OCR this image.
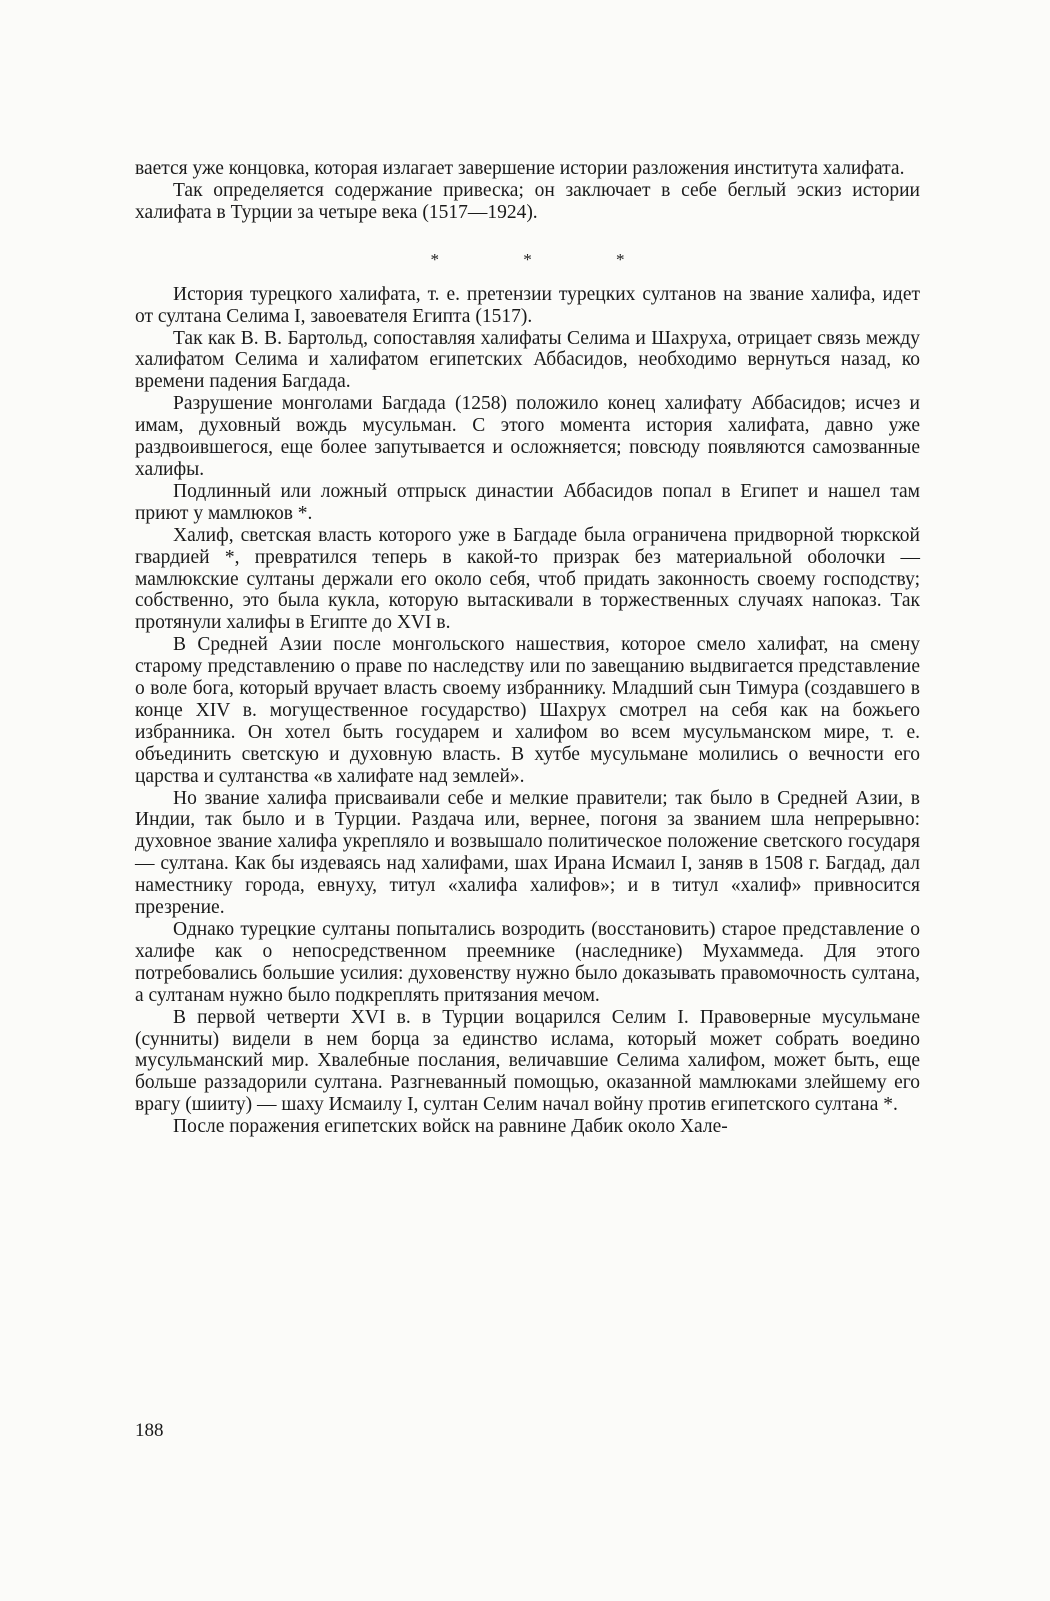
вается уже концовка, которая излагает завершение истории разложения института халифата.

Так определяется содержание привеска; он заключает в себе беглый эскиз истории халифата в Турции за четыре века (1517—1924).

* * *

История турецкого халифата, т. е. претензии турецких султанов на звание халифа, идет от султана Селима I, завоевателя Египта (1517).

Так как В. В. Бартольд, сопоставляя халифаты Селима и Шахруха, отрицает связь между халифатом Селима и халифатом египетских Аббасидов, необходимо вернуться назад, ко времени падения Багдада.

Разрушение монголами Багдада (1258) положило конец халифату Аббасидов; исчез и имам, духовный вождь мусульман. С этого момента история халифата, давно уже раздвоившегося, еще более запутывается и осложняется; повсюду появляются самозванные халифы.

Подлинный или ложный отпрыск династии Аббасидов попал в Египет и нашел там приют у мамлюков *.

Халиф, светская власть которого уже в Багдаде была ограничена придворной тюркской гвардией *, превратился теперь в какой-то призрак без материальной оболочки — мамлюкские султаны держали его около себя, чтоб придать законность своему господству; собственно, это была кукла, которую вытаскивали в торжественных случаях напоказ. Так протянули халифы в Египте до XVI в.

В Средней Азии после монгольского нашествия, которое смело халифат, на смену старому представлению о праве по наследству или по завещанию выдвигается представление о воле бога, который вручает власть своему избраннику. Младший сын Тимура (создавшего в конце XIV в. могущественное государство) Шахрух смотрел на себя как на божьего избранника. Он хотел быть государем и халифом во всем мусульманском мире, т. е. объединить светскую и духовную власть. В хутбе мусульмане молились о вечности его царства и султанства «в халифате над землей».

Но звание халифа присваивали себе и мелкие правители; так было в Средней Азии, в Индии, так было и в Турции. Раздача или, вернее, погоня за званием шла непрерывно: духовное звание халифа укрепляло и возвышало политическое положение светского государя — султана. Как бы издеваясь над халифами, шах Ирана Исмаил I, заняв в 1508 г. Багдад, дал наместнику города, евнуху, титул «халифа халифов»; и в титул «халиф» привносится презрение.

Однако турецкие султаны попытались возродить (восстановить) старое представление о халифе как о непосредственном преемнике (наследнике) Мухаммеда. Для этого потребовались большие усилия: духовенству нужно было доказывать правомочность султана, а султанам нужно было подкреплять притязания мечом.

В первой четверти XVI в. в Турции воцарился Селим I. Правоверные мусульмане (сунниты) видели в нем борца за единство ислама, который может собрать воедино мусульманский мир. Хвалебные послания, величавшие Селима халифом, может быть, еще больше раззадорили султана. Разгневанный помощью, оказанной мамлюками злейшему его врагу (шииту) — шаху Исмаилу I, султан Селим начал войну против египетского султана *.

После поражения египетских войск на равнине Дабик около Хале-

188
